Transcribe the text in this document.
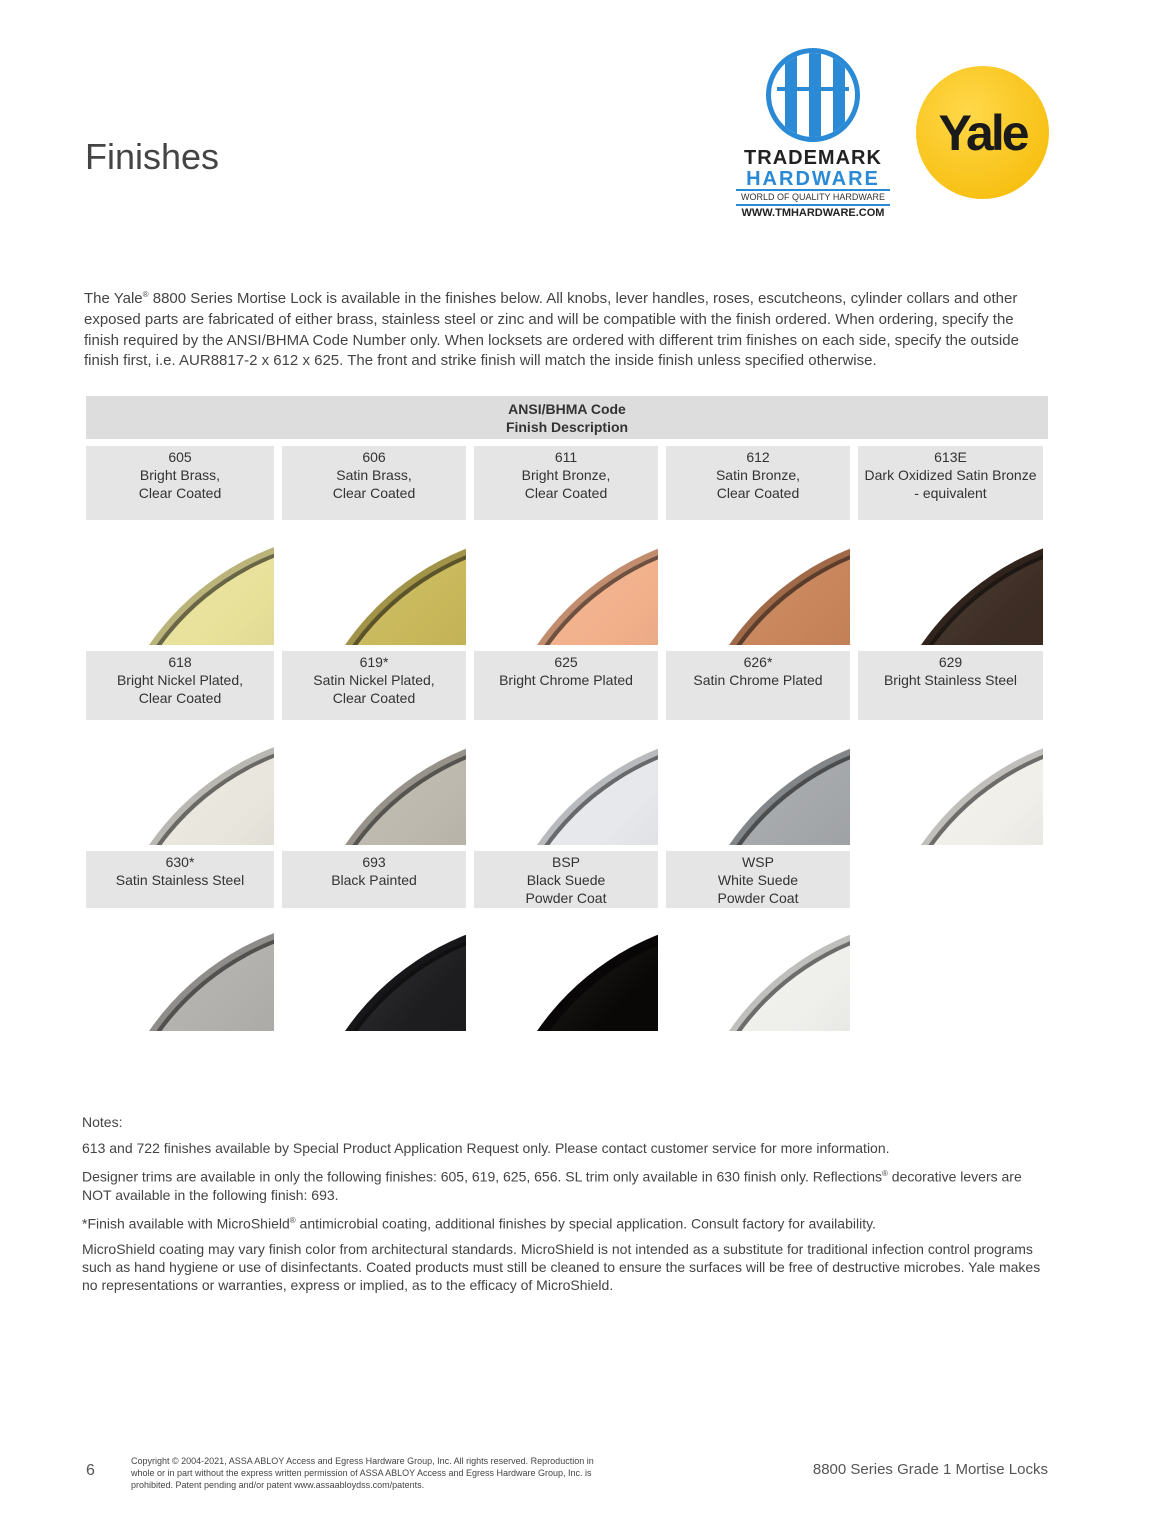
Finishes	TRADEMARK
HARDWARE
WORLD OF QUALITY HARDWARE
WWW.TMHARDWARE.COM
Yale
The Yale® 8800 Series Mortise Lock is available in the finishes below. All knobs, lever handles, roses, escutcheons, cylinder collars and other exposed parts are fabricated of either brass, stainless steel or zinc and will be compatible with the finish ordered. When ordering, specify the finish required by the ANSI/BHMA Code Number only. When locksets are ordered with different trim finishes on each side, specify the outside finish first, i.e. AUR8817-2 x 612 x 625. The front and strike finish will match the inside finish unless specified otherwise.
ANSI/BHMA Code
Finish Description
605
Bright Brass,
Clear Coated
606
Satin Brass,
Clear Coated
611
Bright Bronze,
Clear Coated
612
Satin Bronze,
Clear Coated
613E
Dark Oxidized Satin Bronze
- equivalent
618
Bright Nickel Plated,
Clear Coated
619*
Satin Nickel Plated,
Clear Coated
625
Bright Chrome Plated
626*
Satin Chrome Plated
629
Bright Stainless Steel
630*
Satin Stainless Steel
693
Black Painted
BSP
Black Suede
Powder Coat
WSP
White Suede
Powder Coat

Notes:

613 and 722 finishes available by Special Product Application Request only. Please contact customer service for more information.

Designer trims are available in only the following finishes: 605, 619, 625, 656. SL trim only available in 630 finish only. Reflections® decorative levers are NOT available in the following finish: 693.

*Finish available with MicroShield® antimicrobial coating, additional finishes by special application. Consult factory for availability.

MicroShield coating may vary finish color from architectural standards. MicroShield is not intended as a substitute for traditional infection control programs such as hand hygiene or use of disinfectants. Coated products must still be cleaned to ensure the surfaces will be free of destructive microbes. Yale makes no representations or warranties, express or implied, as to the efficacy of MicroShield.

6
Copyright © 2004-2021, ASSA ABLOY Access and Egress Hardware Group, Inc. All rights reserved. Reproduction in whole or in part without the express written permission of ASSA ABLOY Access and Egress Hardware Group, Inc. is prohibited. Patent pending and/or patent www.assaabloydss.com/patents.
8800 Series Grade 1 Mortise Locks
